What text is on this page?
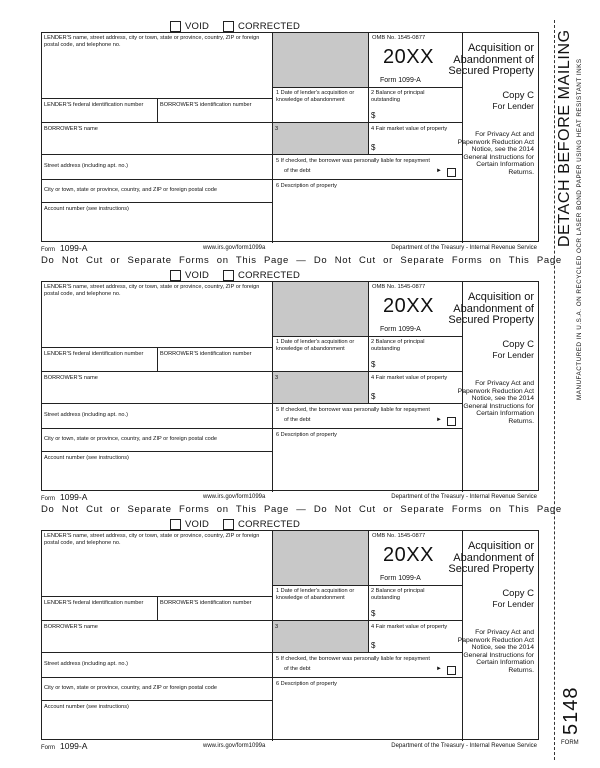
VOID	CORRECTED
LENDER'S name, street address, city or town, state or province, country, ZIP or foreign postal code, and telephone no.
OMB No. 1545-0877
20XX
Form 1099-A
Acquisition or
Abandonment of
Secured Property
LENDER'S federal identification number	BORROWER'S identification number
1 Date of lender's acquisition or knowledge of abandonment
2 Balance of principal outstanding
$
Copy C
For Lender
BORROWER'S name	3	4 Fair market value of property
$
For Privacy Act and Paperwork Reduction Act Notice, see the 2014 General Instructions for Certain Information Returns.
Street address (including apt. no.)
5 If checked, the borrower was personally liable for repayment
of the debt	►
City or town, state or province, country, and ZIP or foreign postal code
6 Description of property
Account number (see instructions)
Form 1099-A	www.irs.gov/form1099a	Department of the Treasury - Internal Revenue Service
Do Not Cut or Separate Forms on This Page — Do Not Cut or Separate Forms on This Page
VOID	CORRECTED
LENDER'S name, street address, city or town, state or province, country, ZIP or foreign postal code, and telephone no.
OMB No. 1545-0877
20XX
Form 1099-A
Acquisition or
Abandonment of
Secured Property
LENDER'S federal identification number	BORROWER'S identification number
1 Date of lender's acquisition or knowledge of abandonment
2 Balance of principal outstanding
$
Copy C
For Lender
BORROWER'S name	3	4 Fair market value of property
$
For Privacy Act and Paperwork Reduction Act Notice, see the 2014 General Instructions for Certain Information Returns.
Street address (including apt. no.)
5 If checked, the borrower was personally liable for repayment
of the debt	►
City or town, state or province, country, and ZIP or foreign postal code
6 Description of property
Account number (see instructions)
Form 1099-A	www.irs.gov/form1099a	Department of the Treasury - Internal Revenue Service
Do Not Cut or Separate Forms on This Page — Do Not Cut or Separate Forms on This Page
VOID	CORRECTED
LENDER'S name, street address, city or town, state or province, country, ZIP or foreign postal code, and telephone no.
OMB No. 1545-0877
20XX
Form 1099-A
Acquisition or
Abandonment of
Secured Property
LENDER'S federal identification number	BORROWER'S identification number
1 Date of lender's acquisition or knowledge of abandonment
2 Balance of principal outstanding
$
Copy C
For Lender
BORROWER'S name	3	4 Fair market value of property
$
For Privacy Act and Paperwork Reduction Act Notice, see the 2014 General Instructions for Certain Information Returns.
Street address (including apt. no.)
5 If checked, the borrower was personally liable for repayment
of the debt	►
City or town, state or province, country, and ZIP or foreign postal code
6 Description of property
Account number (see instructions)
Form 1099-A	www.irs.gov/form1099a	Department of the Treasury - Internal Revenue Service
DETACH BEFORE MAILING MANUFACTURED IN U.S.A. ON RECYCLED OCR LASER BOND PAPER USING HEAT RESISTANT INKS
5148
FORM
